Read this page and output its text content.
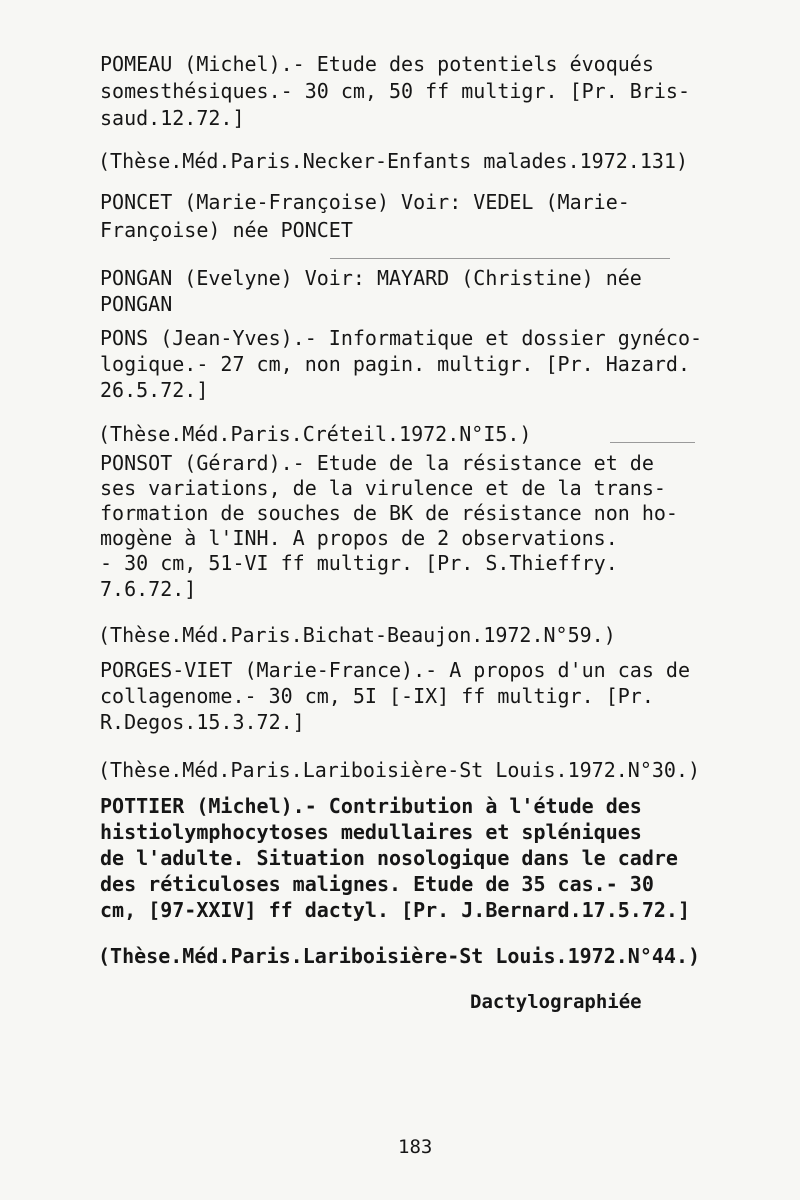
POMEAU (Michel).- Etude des potentiels évoqués
somesthésiques.- 30 cm, 50 ff multigr. [Pr. Bris-
saud.12.72.]
(Thèse.Méd.Paris.Necker-Enfants malades.1972.131)
PONCET (Marie-Françoise) Voir: VEDEL (Marie-
Françoise) née PONCET
PONGAN (Evelyne) Voir: MAYARD (Christine) née
PONGAN
PONS (Jean-Yves).- Informatique et dossier gynéco-
logique.- 27 cm, non pagin. multigr. [Pr. Hazard.
26.5.72.]
(Thèse.Méd.Paris.Créteil.1972.N°I5.)
PONSOT (Gérard).- Etude de la résistance et de
ses variations, de la virulence et de la trans-
formation de souches de BK de résistance non ho-
mogène à l'INH. A propos de 2 observations.
- 30 cm, 51-VI ff multigr. [Pr. S.Thieffry.
7.6.72.]
(Thèse.Méd.Paris.Bichat-Beaujon.1972.N°59.)
PORGES-VIET (Marie-France).- A propos d'un cas de
collagenome.- 30 cm, 5I [-IX] ff multigr. [Pr.
R.Degos.15.3.72.]
(Thèse.Méd.Paris.Lariboisière-St Louis.1972.N°30.)
POTTIER (Michel).- Contribution à l'étude des
histiolymphocytoses medullaires et spléniques
de l'adulte. Situation nosologique dans le cadre
des réticuloses malignes. Etude de 35 cas.- 30
cm, [97-XXIV] ff dactyl. [Pr. J.Bernard.17.5.72.]
(Thèse.Méd.Paris.Lariboisière-St Louis.1972.N°44.)
Dactylographiée
183
